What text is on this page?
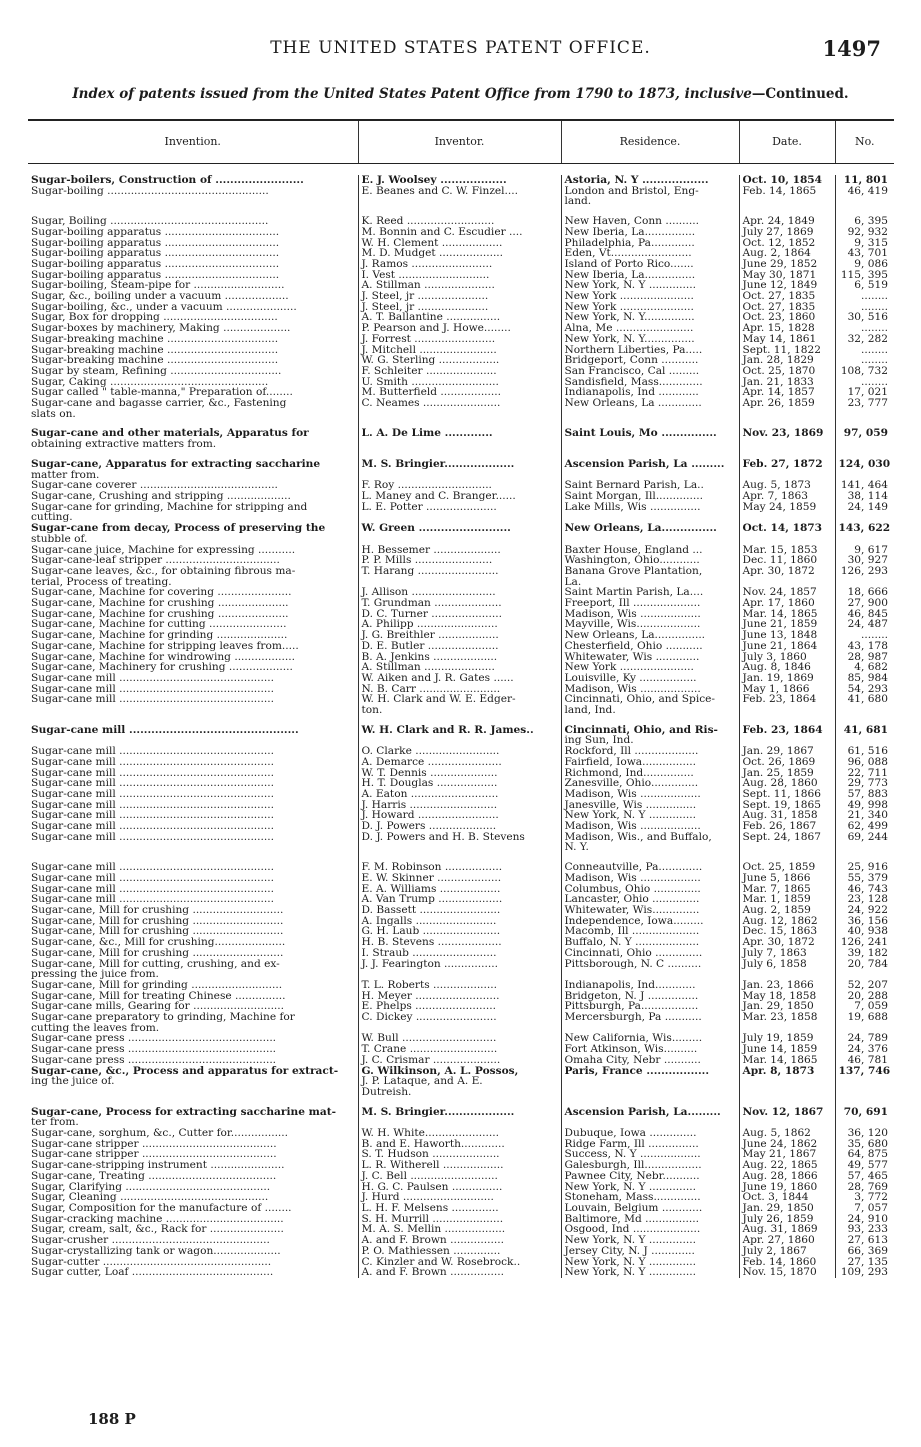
THE UNITED STATES PATENT OFFICE.	1497
Index of patents issued from the United States Patent Office from 1790 to 1873, inclusive—Continued.
Invention.	Inventor.	Residence.	Date.	No.

Sugar-boilers, Construction of ........................	E. J. Woolsey ..................	Astoria, N. Y ..................	Oct. 10, 1854	11, 801
Sugar-boiling ................................................	E. Beanes and C. W. Finzel....	London and Bristol, Eng-	Feb. 14, 1865	46, 419
		land.		

Sugar, Boiling ...............................................	K. Reed ..........................	New Haven, Conn ..........	Apr. 24, 1849	6, 395
Sugar-boiling apparatus ..................................	M. Bonnin and C. Escudier ....	New Iberia, La...............	July 27, 1869	92, 932
Sugar-boiling apparatus ..................................	W. H. Clement ..................	Philadelphia, Pa.............	Oct. 12, 1852	9, 315
Sugar-boiling apparatus ..................................	M. D. Mudget ...................	Eden, Vt........................	Aug. 2, 1864	43, 701
Sugar-boiling apparatus ..................................	J. Ramos ........................	Island of Porto Rico.......	June 29, 1852	9, 086
Sugar-boiling apparatus ..................................	I. Vest ...........................	New Iberia, La...............	May 30, 1871	115, 395
Sugar-boiling, Steam-pipe for ...........................	A. Stillman .....................	New York, N. Y ..............	June 12, 1849	6, 519
Sugar, &c., boiling under a vacuum ...................	J. Steel, jr .....................	New York ......................	Oct. 27, 1835	........
Sugar-boiling, &c., under a vacuum .....................	J. Steel, jr .....................	New York ......................	Oct. 27, 1835	........
Sugar, Box for dropping ..................................	A. T. Ballantine ................	New York, N. Y...............	Oct. 23, 1860	30, 516
Sugar-boxes by machinery, Making ....................	P. Pearson and J. Howe........	Alna, Me .......................	Apr. 15, 1828	........
Sugar-breaking machine .................................	J. Forrest ........................	New York, N. Y...............	May 14, 1861	32, 282
Sugar-breaking machine .................................	J. Mitchell .......................	Northern Liberties, Pa.....	Sept. 11, 1822	........
Sugar-breaking machine .................................	W. G. Sterling ..................	Bridgeport, Conn ...........	Jan. 28, 1829	........
Sugar by steam, Refining .................................	F. Schleiter .....................	San Francisco, Cal .........	Oct. 25, 1870	108, 732
Sugar, Caking ...............................................	U. Smith ..........................	Sandisfield, Mass.............	Jan. 21, 1833	........
Sugar called " table-manna," Preparation of........	M. Butterfield ..................	Indianapolis, Ind ............	Apr. 14, 1857	17, 021
Sugar-cane and bagasse carrier, &c., Fastening	C. Neames .......................	New Orleans, La .............	Apr. 26, 1859	23, 777
slats on.				

Sugar-cane and other materials, Apparatus for	L. A. De Lime .............	Saint Louis, Mo ...............	Nov. 23, 1869	97, 059
obtaining extractive matters from.				

Sugar-cane, Apparatus for extracting saccharine	M. S. Bringier...................	Ascension Parish, La .........	Feb. 27, 1872	124, 030
matter from.				
Sugar-cane coverer .........................................	F. Roy ............................	Saint Bernard Parish, La..	Aug. 5, 1873	141, 464
Sugar-cane, Crushing and stripping ...................	L. Maney and C. Branger......	Saint Morgan, Ill..............	Apr. 7, 1863	38, 114
Sugar-cane for grinding, Machine for stripping and	L. E. Potter .....................	Lake Mills, Wis ...............	May 24, 1859	24, 149
cutting.				
Sugar-cane from decay, Process of preserving the	W. Green .........................	New Orleans, La...............	Oct. 14, 1873	143, 622
stubble of.				
Sugar-cane juice, Machine for expressing ...........	H. Bessemer ....................	Baxter House, England ...	Mar. 15, 1853	9, 617
Sugar-cane-leaf stripper ..................................	P. P. Mills .......................	Washington, Ohio............	Dec. 11, 1860	30, 927
Sugar-cane leaves, &c., for obtaining fibrous ma-	T. Harang ........................	Banana Grove Plantation,	Apr. 30, 1872	126, 293
terial, Process of treating.		La.		
Sugar-cane, Machine for covering ......................	J. Allison .........................	Saint Martin Parish, La....	Nov. 24, 1857	18, 666
Sugar-cane, Machine for crushing .....................	T. Grundman ....................	Freeport, Ill ....................	Apr. 17, 1860	27, 900
Sugar-cane, Machine for crushing .....................	D. C. Turner .....................	Madison, Wis ..................	Mar. 14, 1865	46, 845
Sugar-cane, Machine for cutting .......................	A. Philipp ........................	Mayville, Wis...................	June 21, 1859	24, 487
Sugar-cane, Machine for grinding .....................	J. G. Breithler ..................	New Orleans, La...............	June 13, 1848	........
Sugar-cane, Machine for stripping leaves from.....	D. E. Butler .....................	Chesterfield, Ohio ...........	June 21, 1864	43, 178
Sugar-cane, Machine for windrowing ..................	B. A. Jenkins ...................	Whitewater, Wis .............	July 3, 1860	28, 987
Sugar-cane, Machinery for crushing ...................	A. Stillman .....................	New York ......................	Aug. 8, 1846	4, 682
Sugar-cane mill ..............................................	W. Aiken and J. R. Gates ......	Louisville, Ky .................	Jan. 19, 1869	85, 984
Sugar-cane mill ..............................................	N. B. Carr ........................	Madison, Wis ..................	May 1, 1866	54, 293
Sugar-cane mill ..............................................	W. H. Clark and W. E. Edger-	Cincinnati, Ohio, and Spice-	Feb. 23, 1864	41, 680
	ton.	land, Ind.		

Sugar-cane mill ..............................................	W. H. Clark and R. R. James..	Cincinnati, Ohio, and Ris-	Feb. 23, 1864	41, 681
		ing Sun, Ind.		
Sugar-cane mill ..............................................	O. Clarke .........................	Rockford, Ill ...................	Jan. 29, 1867	61, 516
Sugar-cane mill ..............................................	A. Demarce ......................	Fairfield, Iowa................	Oct. 26, 1869	96, 088
Sugar-cane mill ..............................................	W. T. Dennis ....................	Richmond, Ind...............	Jan. 25, 1859	22, 711
Sugar-cane mill ..............................................	H. T. Douglas ..................	Zanesville, Ohio..............	Aug. 28, 1860	29, 773
Sugar-cane mill ..............................................	A. Eaton ..........................	Madison, Wis ..................	Sept. 11, 1866	57, 883
Sugar-cane mill ..............................................	J. Harris ..........................	Janesville, Wis ...............	Sept. 19, 1865	49, 998
Sugar-cane mill ..............................................	J. Howard ........................	New York, N. Y ..............	Aug. 31, 1858	21, 340
Sugar-cane mill ..............................................	D. J. Powers ....................	Madison, Wis ..................	Feb. 26, 1867	62, 499
Sugar-cane mill ..............................................	D. J. Powers and H. B. Stevens	Madison, Wis., and Buffalo,	Sept. 24, 1867	69, 244
		N. Y.		

Sugar-cane mill ..............................................	F. M. Robinson .................	Conneautville, Pa.............	Oct. 25, 1859	25, 916
Sugar-cane mill ..............................................	E. W. Skinner ...................	Madison, Wis ..................	June 5, 1866	55, 379
Sugar-cane mill ..............................................	E. A. Williams ..................	Columbus, Ohio ..............	Mar. 7, 1865	46, 743
Sugar-cane mill ..............................................	A. Van Trump ...................	Lancaster, Ohio ..............	Mar. 1, 1859	23, 128
Sugar-cane, Mill for crushing ...........................	D. Bassett ........................	Whitewater, Wis..............	Aug. 2, 1859	24, 922
Sugar-cane, Mill for crushing ...........................	A. Ingalls ........................	Independence, Iowa.........	Aug. 12, 1862	36, 156
Sugar-cane, Mill for crushing ...........................	G. H. Laub .......................	Macomb, Ill ....................	Dec. 15, 1863	40, 938
Sugar-cane, &c., Mill for crushing.....................	H. B. Stevens ...................	Buffalo, N. Y ...................	Apr. 30, 1872	126, 241
Sugar-cane, Mill for crushing ...........................	I. Straub .........................	Cincinnati, Ohio ..............	July 7, 1863	39, 182
Sugar-cane, Mill for cutting, crushing, and ex-	J. J. Fearington ................	Pittsborough, N. C ..........	July 6, 1858	20, 784
pressing the juice from.				
Sugar-cane, Mill for grinding ...........................	T. L. Roberts ...................	Indianapolis, Ind............	Jan. 23, 1866	52, 207
Sugar-cane, Mill for treating Chinese ...............	H. Meyer .........................	Bridgeton, N. J ...............	May 18, 1858	20, 288
Sugar-cane mills, Gearing for ...........................	E. Phelps ........................	Pittsburgh, Pa.................	Jan. 29, 1850	7, 059
Sugar-cane preparatory to grinding, Machine for	C. Dickey ........................	Mercersburgh, Pa ...........	Mar. 23, 1858	19, 688
cutting the leaves from.				
Sugar-cane press ............................................	W. Bull ............................	New California, Wis.........	July 19, 1859	24, 789
Sugar-cane press ............................................	T. Crane ..........................	Fort Atkinson, Wis..........	June 14, 1859	24, 376
Sugar-cane press ............................................	J. C. Crismar ....................	Omaha City, Nebr ...........	Mar. 14, 1865	46, 781
Sugar-cane, &c., Process and apparatus for extract-	G. Wilkinson, A. L. Possos,	Paris, France .................	Apr. 8, 1873	137, 746
ing the juice of.	J. P. Lataque, and A. E.			
	Dutreish.			

Sugar-cane, Process for extracting saccharine mat-	M. S. Bringier...................	Ascension Parish, La.........	Nov. 12, 1867	70, 691
ter from.				
Sugar-cane, sorghum, &c., Cutter for.................	W. H. White......................	Dubuque, Iowa ..............	Aug. 5, 1862	36, 120
Sugar-cane stripper ........................................	B. and E. Haworth.............	Ridge Farm, Ill ...............	June 24, 1862	35, 680
Sugar-cane stripper ........................................	S. T. Hudson ....................	Success, N. Y ..................	May 21, 1867	64, 875
Sugar-cane-stripping instrument ......................	L. R. Witherell ..................	Galesburgh, Ill.................	Aug. 22, 1865	49, 577
Sugar-cane, Treating ......................................	J. C. Bell ..........................	Pawnee City, Nebr...........	Aug. 28, 1866	57, 465
Sugar, Clarifying ...........................................	H. G. C. Paulsen ...............	New York, N. Y ..............	June 19, 1860	28, 769
Sugar, Cleaning ............................................	J. Hurd ...........................	Stoneham, Mass..............	Oct. 3, 1844	3, 772
Sugar, Composition for the manufacture of ........	L. H. F. Melsens ..............	Louvain, Belgium ............	Jan. 29, 1850	7, 057
Sugar-cracking machine ...................................	S. H. Murrill .....................	Baltimore, Md ................	July 26, 1859	24, 910
Sugar, cream, salt, &c., Rack for ......................	M. A. S. Mellin ..................	Osgood, Ind ....................	Aug. 31, 1869	93, 233
Sugar-crusher ...............................................	A. and F. Brown ................	New York, N. Y ..............	Apr. 27, 1860	27, 613
Sugar-crystallizing tank or wagon....................	P. O. Mathiessen ..............	Jersey City, N. J .............	July 2, 1867	66, 369
Sugar-cutter ..................................................	C. Kinzler and W. Rosebrock..	New York, N. Y ..............	Feb. 14, 1860	27, 135
Sugar cutter, Loaf ..........................................	A. and F. Brown ................	New York, N. Y ..............	Nov. 15, 1870	109, 293
188 P
